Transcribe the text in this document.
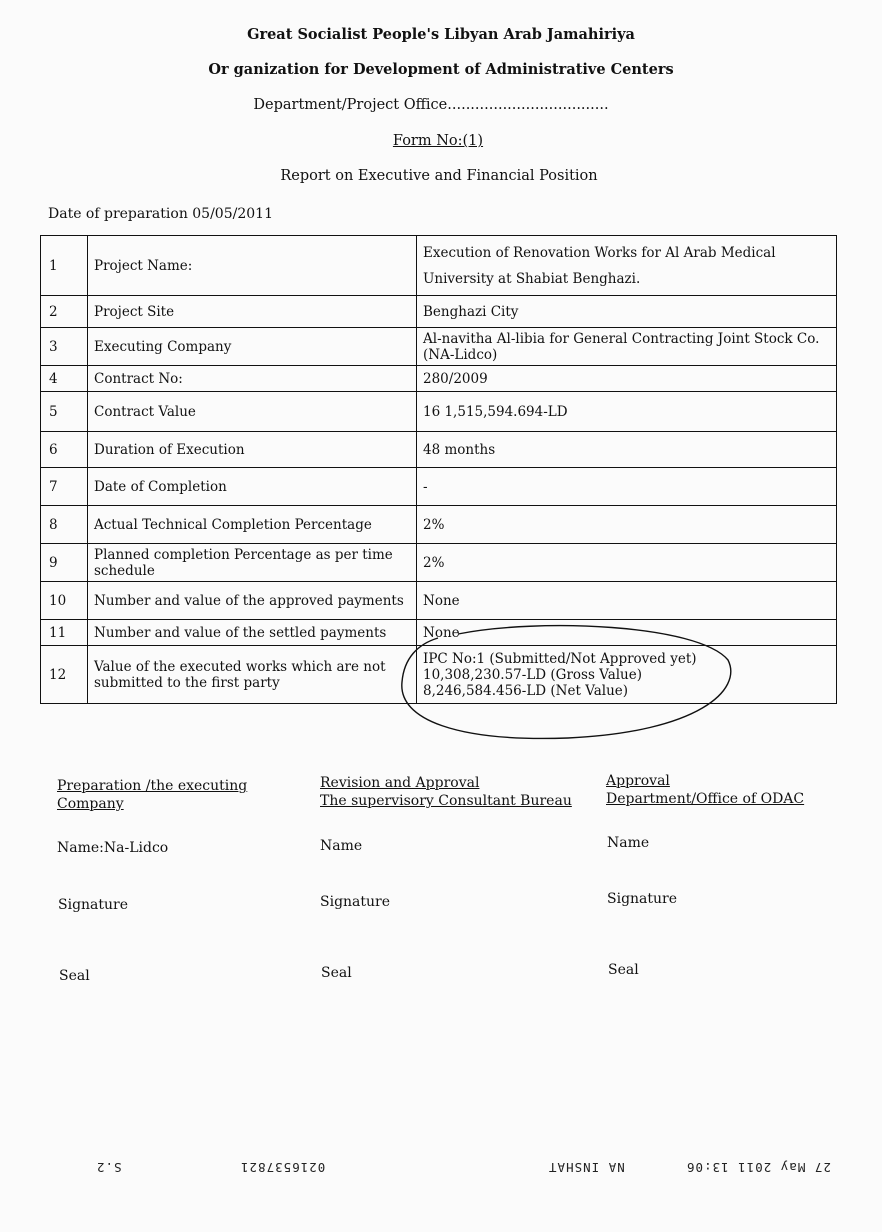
Great Socialist People's Libyan Arab Jamahiriya
Or ganization for Development of Administrative Centers
Department/Project Office...................................
Form No:(1)
Report on Executive and Financial Position
Date of preparation 05/05/2011
1	Project Name:	Execution of Renovation Works for Al Arab Medical University at Shabiat Benghazi.
2	Project Site	Benghazi City
3	Executing Company	Al-navitha Al-libia for General Contracting Joint Stock Co. (NA-Lidco)
4	Contract No:	280/2009
5	Contract Value	16 1,515,594.694-LD
6	Duration of Execution	48 months
7	Date of Completion	-
8	Actual Technical Completion Percentage	2%
9	Planned completion Percentage as per time schedule	2%
10	Number and value of the approved payments	None
11	Number and value of the settled payments	None
12	Value of the executed works which are not submitted to the first party	IPC No:1 (Submitted/Not Approved yet)
10,308,230.57-LD (Gross Value)
8,246,584.456-LD (Net Value)
Preparation /the executing
Company
Revision and Approval
The supervisory Consultant Bureau
Approval
Department/Office of ODAC
Name:Na-Lidco	Name	Name
Signature	Signature	Signature
Seal	Seal	Seal
S.2	0216537821	NA INSHAT	27 May 2011 13:06
